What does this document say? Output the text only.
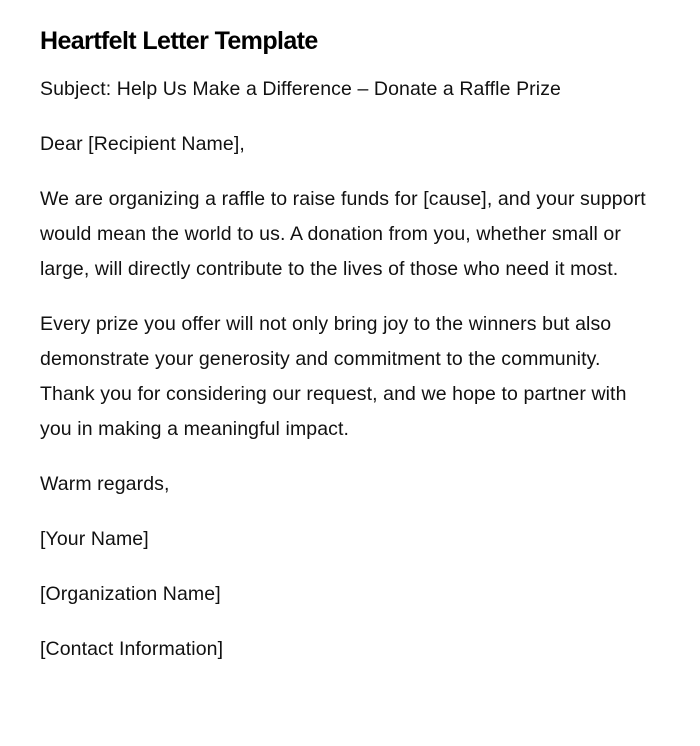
Heartfelt Letter Template

Subject: Help Us Make a Difference – Donate a Raffle Prize

Dear [Recipient Name],

We are organizing a raffle to raise funds for [cause], and your support would mean the world to us. A donation from you, whether small or large, will directly contribute to the lives of those who need it most.

Every prize you offer will not only bring joy to the winners but also demonstrate your generosity and commitment to the community. Thank you for considering our request, and we hope to partner with you in making a meaningful impact.

Warm regards,

[Your Name]

[Organization Name]

[Contact Information]
